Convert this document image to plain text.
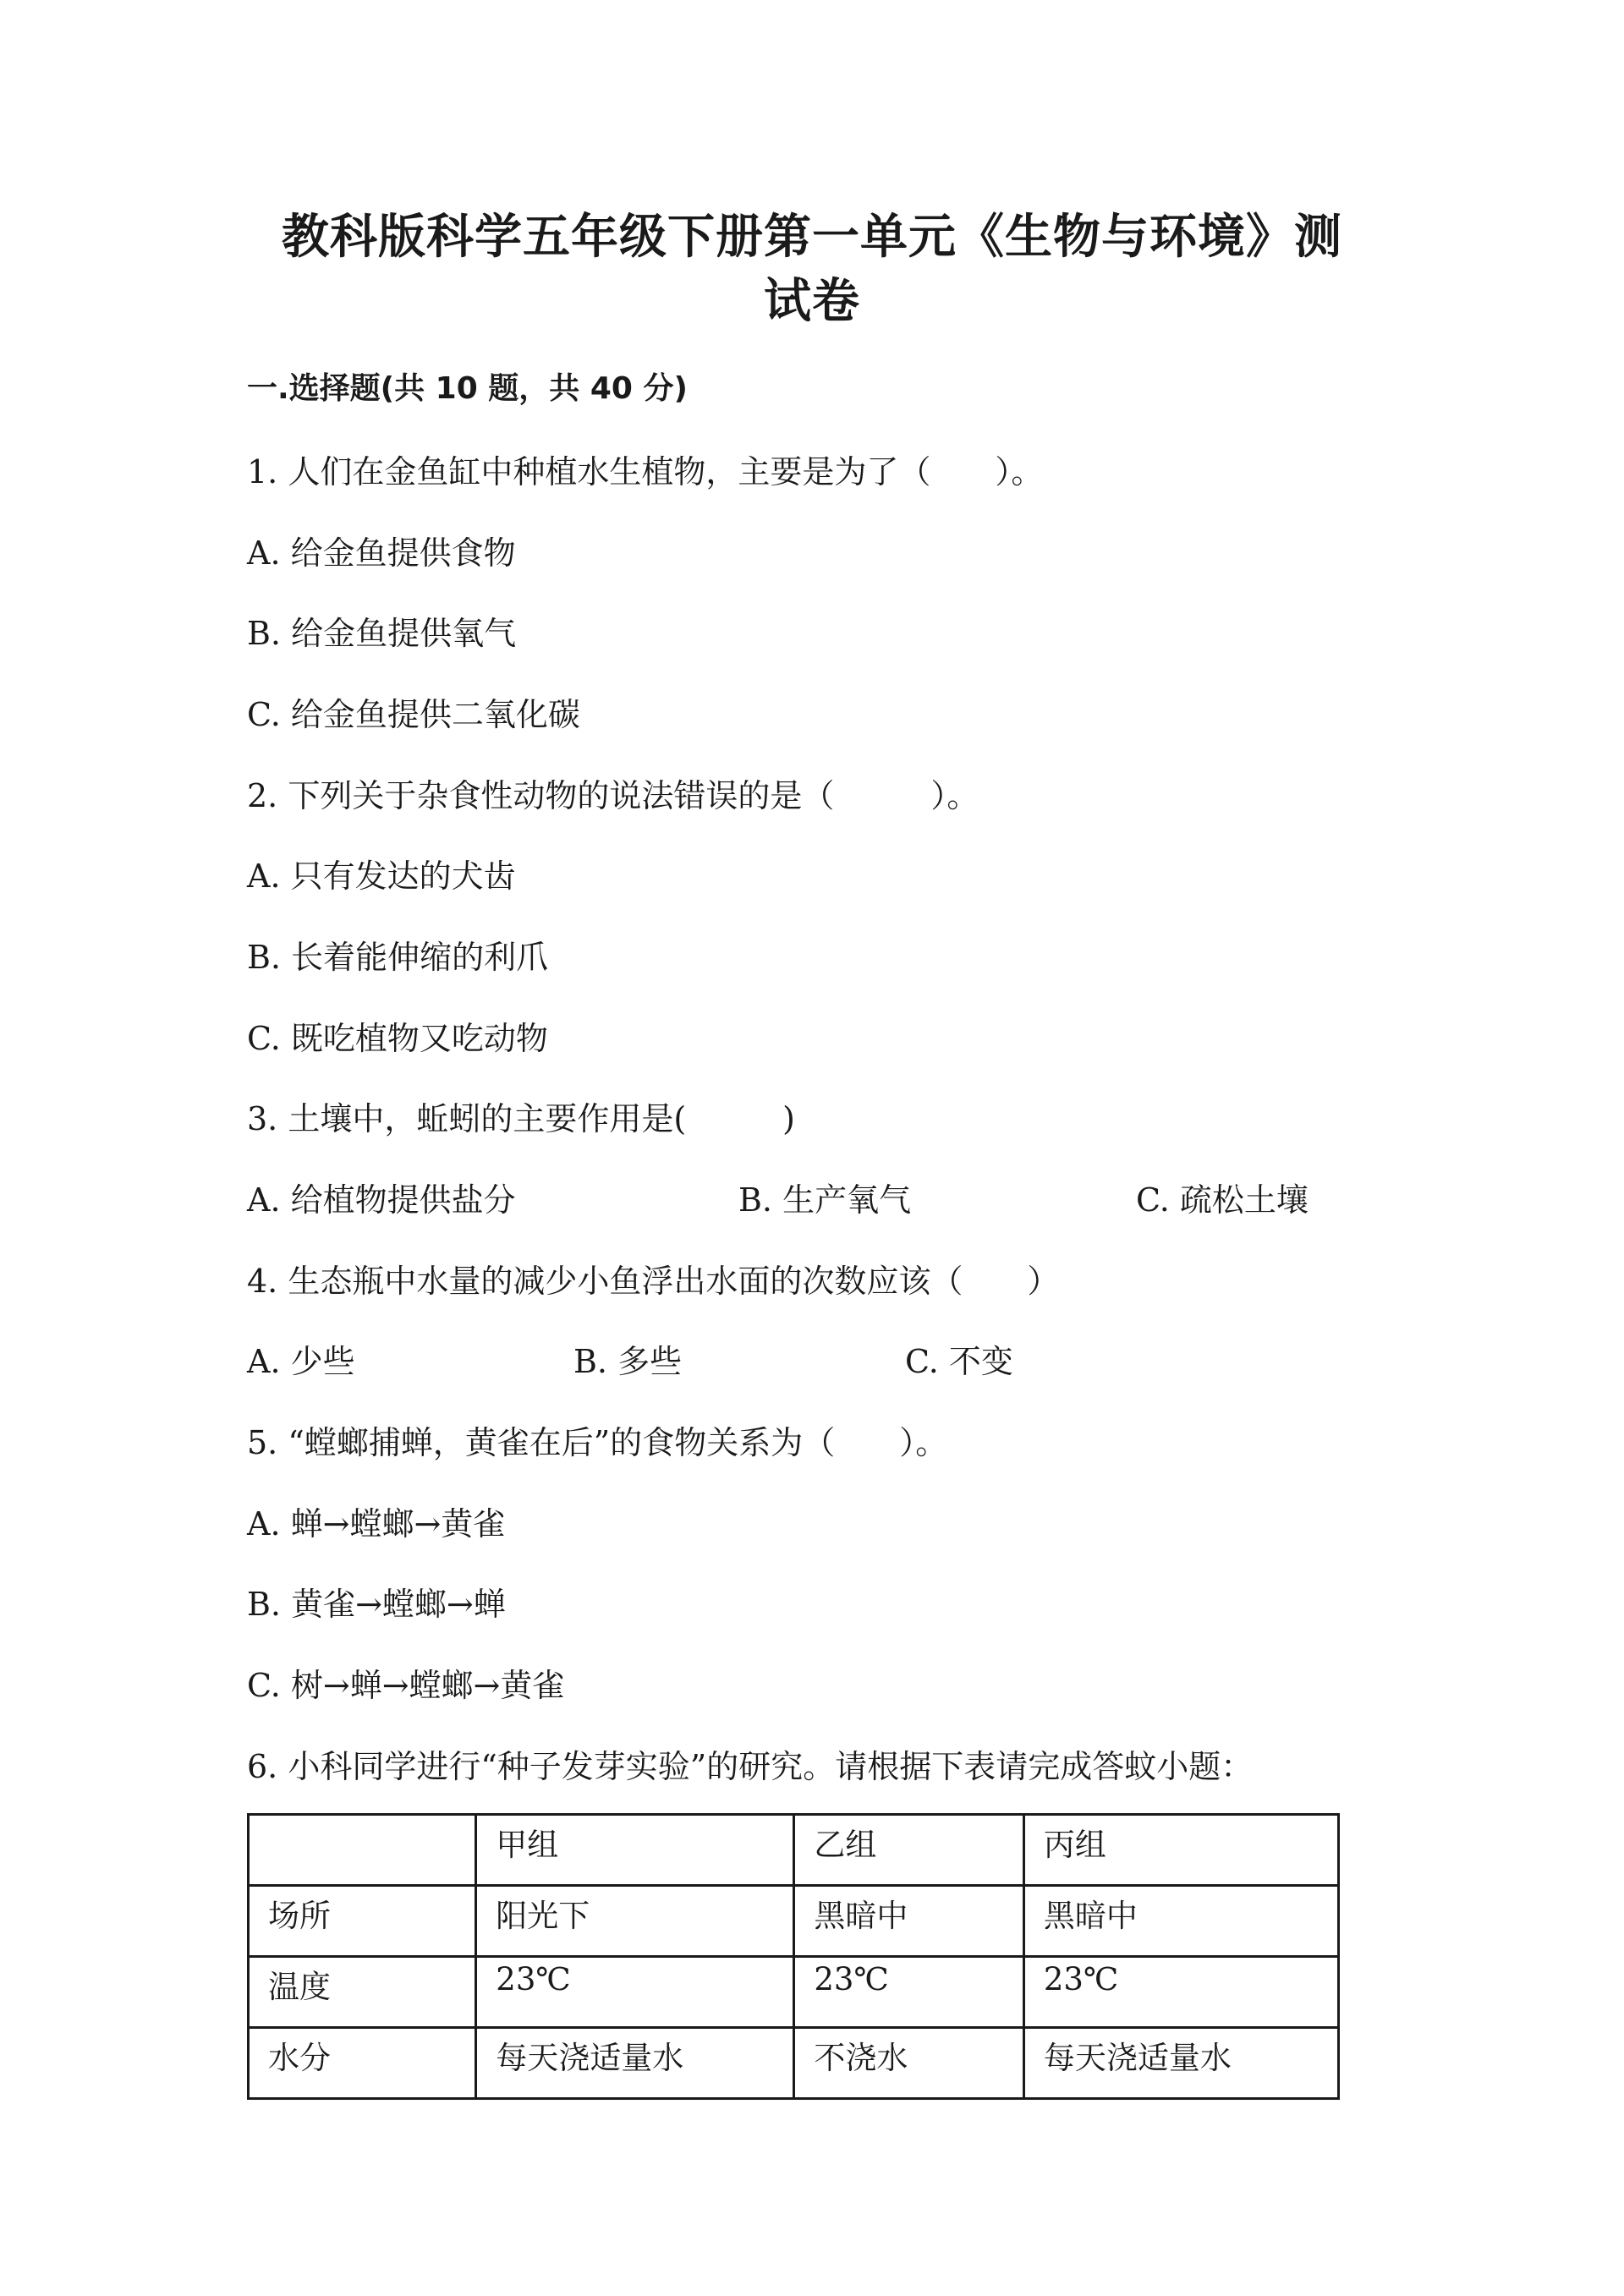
教科版科学五年级下册第一单元《生物与环境》测
试卷
一.选择题(共 10 题，共 40 分)
1. 人们在金鱼缸中种植水生植物，主要是为了（　　）。
A. 给金鱼提供食物
B. 给金鱼提供氧气
C. 给金鱼提供二氧化碳
2. 下列关于杂食性动物的说法错误的是（　　　）。
A. 只有发达的犬齿
B. 长着能伸缩的利爪
C. 既吃植物又吃动物
3. 土壤中，蚯蚓的主要作用是(　　　)
A. 给植物提供盐分	B. 生产氧气	C. 疏松土壤
4. 生态瓶中水量的减少小鱼浮出水面的次数应该（　　）
A. 少些	B. 多些	C. 不变
5. “螳螂捕蝉，黄雀在后”的食物关系为（　　）。
A. 蝉→螳螂→黄雀
B. 黄雀→螳螂→蝉
C. 树→蝉→螳螂→黄雀
6. 小科同学进行“种子发芽实验”的研究。请根据下表请完成答蚊小题：
	甲组	乙组	丙组
场所	阳光下	黑暗中	黑暗中
温度	23℃	23℃	23℃
水分	每天浇适量水	不浇水	每天浇适量水
